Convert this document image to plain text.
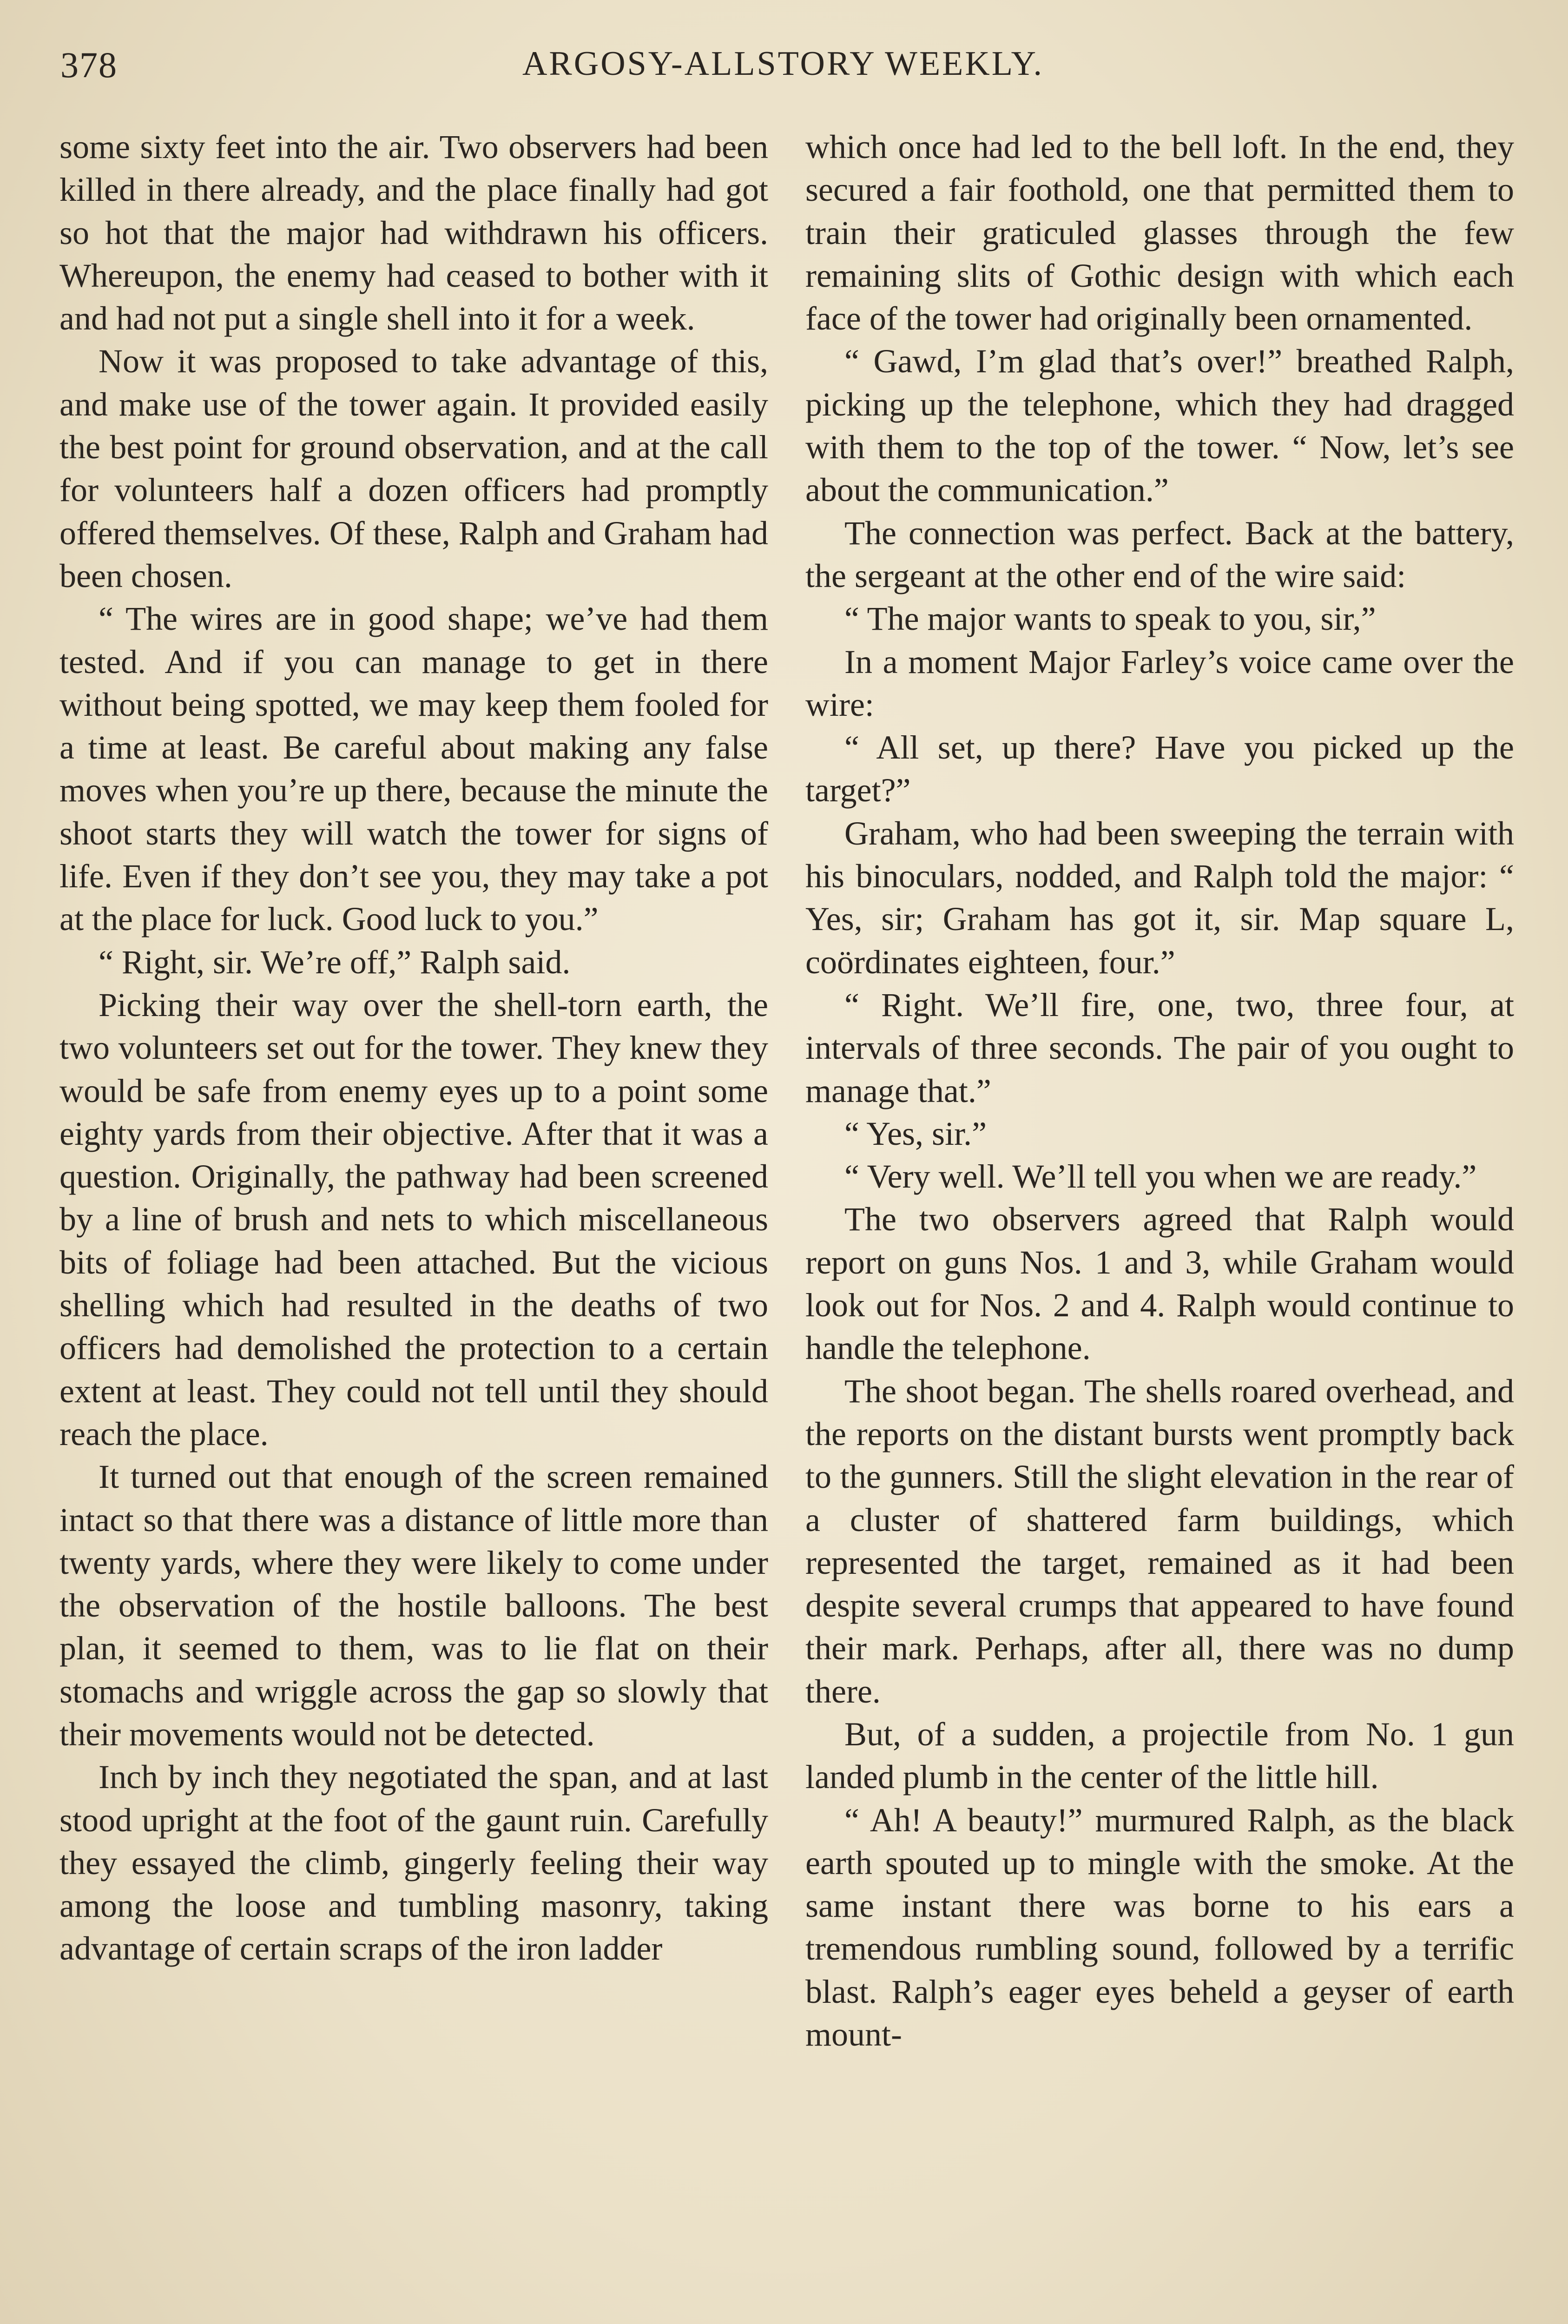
378	ARGOSY-ALLSTORY WEEKLY.

some sixty feet into the air. Two observers had been killed in there already, and the place finally had got so hot that the major had withdrawn his officers. Whereupon, the enemy had ceased to bother with it and had not put a single shell into it for a week.

Now it was proposed to take advantage of this, and make use of the tower again. It provided easily the best point for ground observation, and at the call for volunteers half a dozen officers had promptly offered themselves. Of these, Ralph and Graham had been chosen.

“ The wires are in good shape; we’ve had them tested. And if you can manage to get in there without being spotted, we may keep them fooled for a time at least. Be careful about making any false moves when you’re up there, because the minute the shoot starts they will watch the tower for signs of life. Even if they don’t see you, they may take a pot at the place for luck. Good luck to you.”

“ Right, sir. We’re off,” Ralph said.

Picking their way over the shell-torn earth, the two volunteers set out for the tower. They knew they would be safe from enemy eyes up to a point some eighty yards from their objective. After that it was a question. Originally, the pathway had been screened by a line of brush and nets to which miscellaneous bits of foliage had been attached. But the vicious shelling which had resulted in the deaths of two officers had demolished the protection to a certain extent at least. They could not tell until they should reach the place.

It turned out that enough of the screen remained intact so that there was a distance of little more than twenty yards, where they were likely to come under the observation of the hostile balloons. The best plan, it seemed to them, was to lie flat on their stomachs and wriggle across the gap so slowly that their movements would not be detected.

Inch by inch they negotiated the span, and at last stood upright at the foot of the gaunt ruin. Carefully they essayed the climb, gingerly feeling their way among the loose and tumbling masonry, taking advantage of certain scraps of the iron ladder

which once had led to the bell loft. In the end, they secured a fair foothold, one that permitted them to train their graticuled glasses through the few remaining slits of Gothic design with which each face of the tower had originally been ornamented.

“ Gawd, I’m glad that’s over!” breathed Ralph, picking up the telephone, which they had dragged with them to the top of the tower. “ Now, let’s see about the communication.”

The connection was perfect. Back at the battery, the sergeant at the other end of the wire said:

“ The major wants to speak to you, sir,”

In a moment Major Farley’s voice came over the wire:

“ All set, up there? Have you picked up the target?”

Graham, who had been sweeping the terrain with his binoculars, nodded, and Ralph told the major: “ Yes, sir; Graham has got it, sir. Map square L, coördinates eighteen, four.”

“ Right. We’ll fire, one, two, three four, at intervals of three seconds. The pair of you ought to manage that.”

“ Yes, sir.”

“ Very well. We’ll tell you when we are ready.”

The two observers agreed that Ralph would report on guns Nos. 1 and 3, while Graham would look out for Nos. 2 and 4. Ralph would continue to handle the telephone.

The shoot began. The shells roared overhead, and the reports on the distant bursts went promptly back to the gunners. Still the slight elevation in the rear of a cluster of shattered farm buildings, which represented the target, remained as it had been despite several crumps that appeared to have found their mark. Perhaps, after all, there was no dump there.

But, of a sudden, a projectile from No. 1 gun landed plumb in the center of the little hill.

“ Ah! A beauty!” murmured Ralph, as the black earth spouted up to mingle with the smoke. At the same instant there was borne to his ears a tremendous rumbling sound, followed by a terrific blast. Ralph’s eager eyes beheld a geyser of earth mount-
